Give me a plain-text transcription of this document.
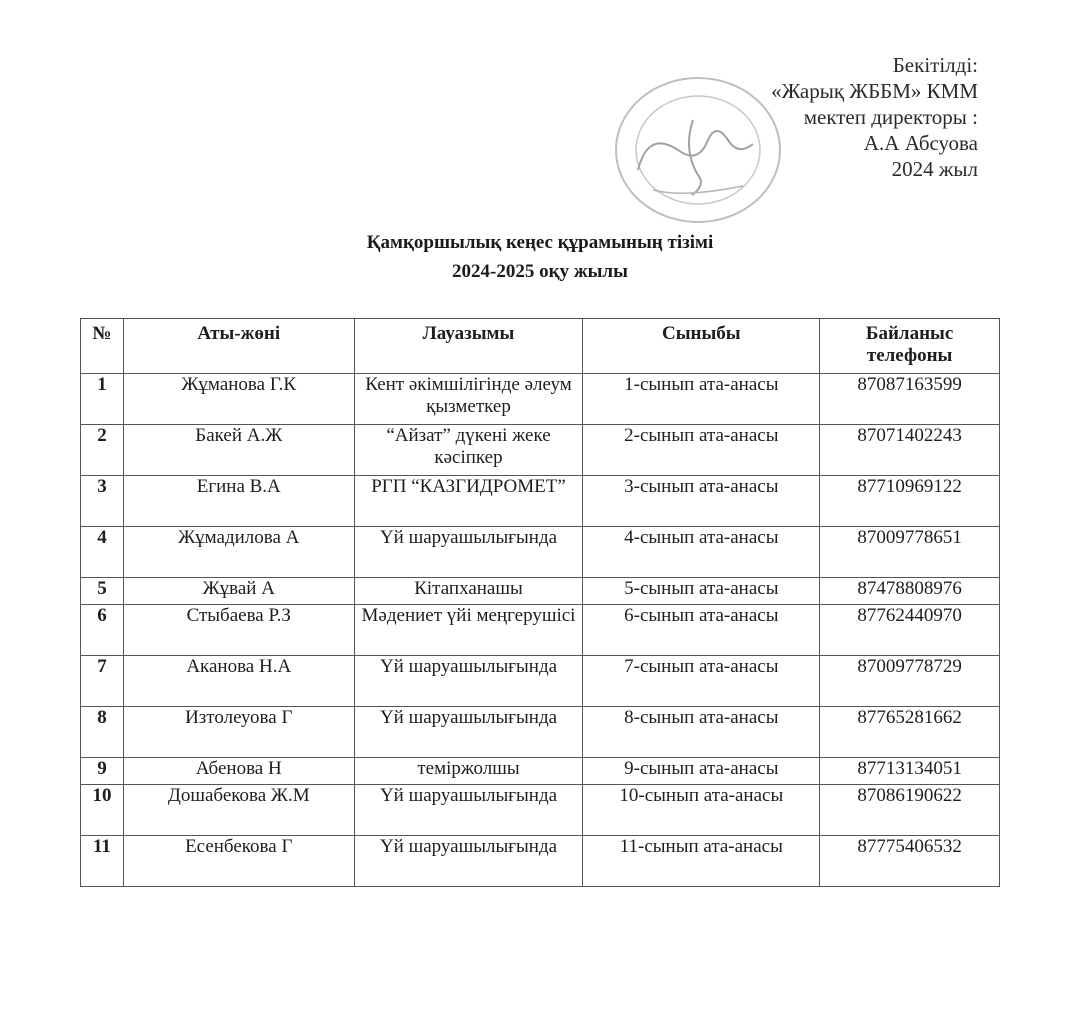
Бекітілді:
«Жарық ЖББМ» КММ
мектеп директоры :
А.А Абсуова
2024 жыл
Қамқоршылық кеңес құрамының тізімі
2024-2025 оқу жылы
№	Аты-жөні	Лауазымы	Сыныбы	Байланыс телефоны
1	Жұманова Г.К	Кент әкімшілігінде әлеум қызметкер	1-сынып ата-анасы	87087163599
2	Бакей А.Ж	“Айзат” дүкені жеке кәсіпкер	2-сынып ата-анасы	87071402243
3	Егина В.А	РГП “КАЗГИДРОМЕТ”	3-сынып ата-анасы	87710969122
4	Жұмадилова А	Үй шаруашылығында	4-сынып ата-анасы	87009778651
5	Жұвай А	Кітапханашы	5-сынып ата-анасы	87478808976
6	Стыбаева Р.З	Мәдениет үйі меңгерушісі	6-сынып ата-анасы	87762440970
7	Аканова Н.А	Үй шаруашылығында	7-сынып ата-анасы	87009778729
8	Изтолеуова Г	Үй шаруашылығында	8-сынып ата-анасы	87765281662
9	Абенова Н	теміржолшы	9-сынып ата-анасы	87713134051
10	Дошабекова Ж.М	Үй шаруашылығында	10-сынып ата-анасы	87086190622
11	Есенбекова Г	Үй шаруашылығында	11-сынып ата-анасы	87775406532
